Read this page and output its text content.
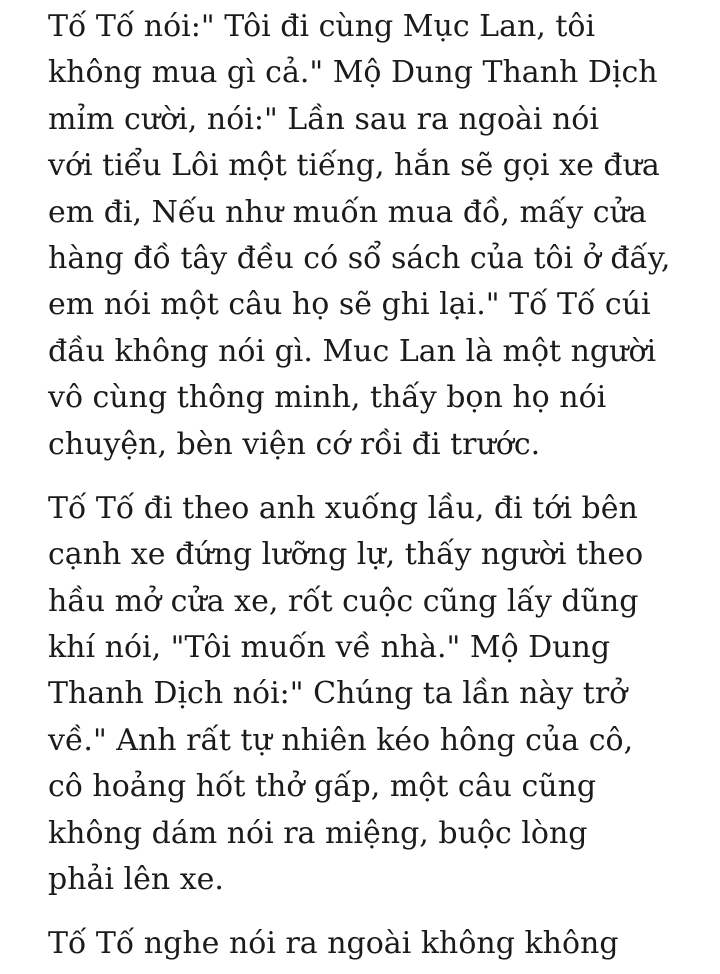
Tố Tố nói:" Tôi đi cùng Mục Lan, tôi
không mua gì cả." Mộ Dung Thanh Dịch
mỉm cười, nói:" Lần sau ra ngoài nói
với tiểu Lôi một tiếng, hắn sẽ gọi xe đưa
em đi, Nếu như muốn mua đồ, mấy cửa
hàng đồ tây đều có sổ sách của tôi ở đấy,
em nói một câu họ sẽ ghi lại." Tố Tố cúi
đầu không nói gì. Muc Lan là một người
vô cùng thông minh, thấy bọn họ nói
chuyện, bèn viện cớ rồi đi trước.
Tố Tố đi theo anh xuống lầu, đi tới bên
cạnh xe đứng lưỡng lự, thấy người theo
hầu mở cửa xe, rốt cuộc cũng lấy dũng
khí nói, "Tôi muốn về nhà." Mộ Dung
Thanh Dịch nói:" Chúng ta lần này trở
về." Anh rất tự nhiên kéo hông của cô,
cô hoảng hốt thở gấp, một câu cũng
không dám nói ra miệng, buộc lòng
phải lên xe.
Tố Tố nghe nói ra ngoài không không
